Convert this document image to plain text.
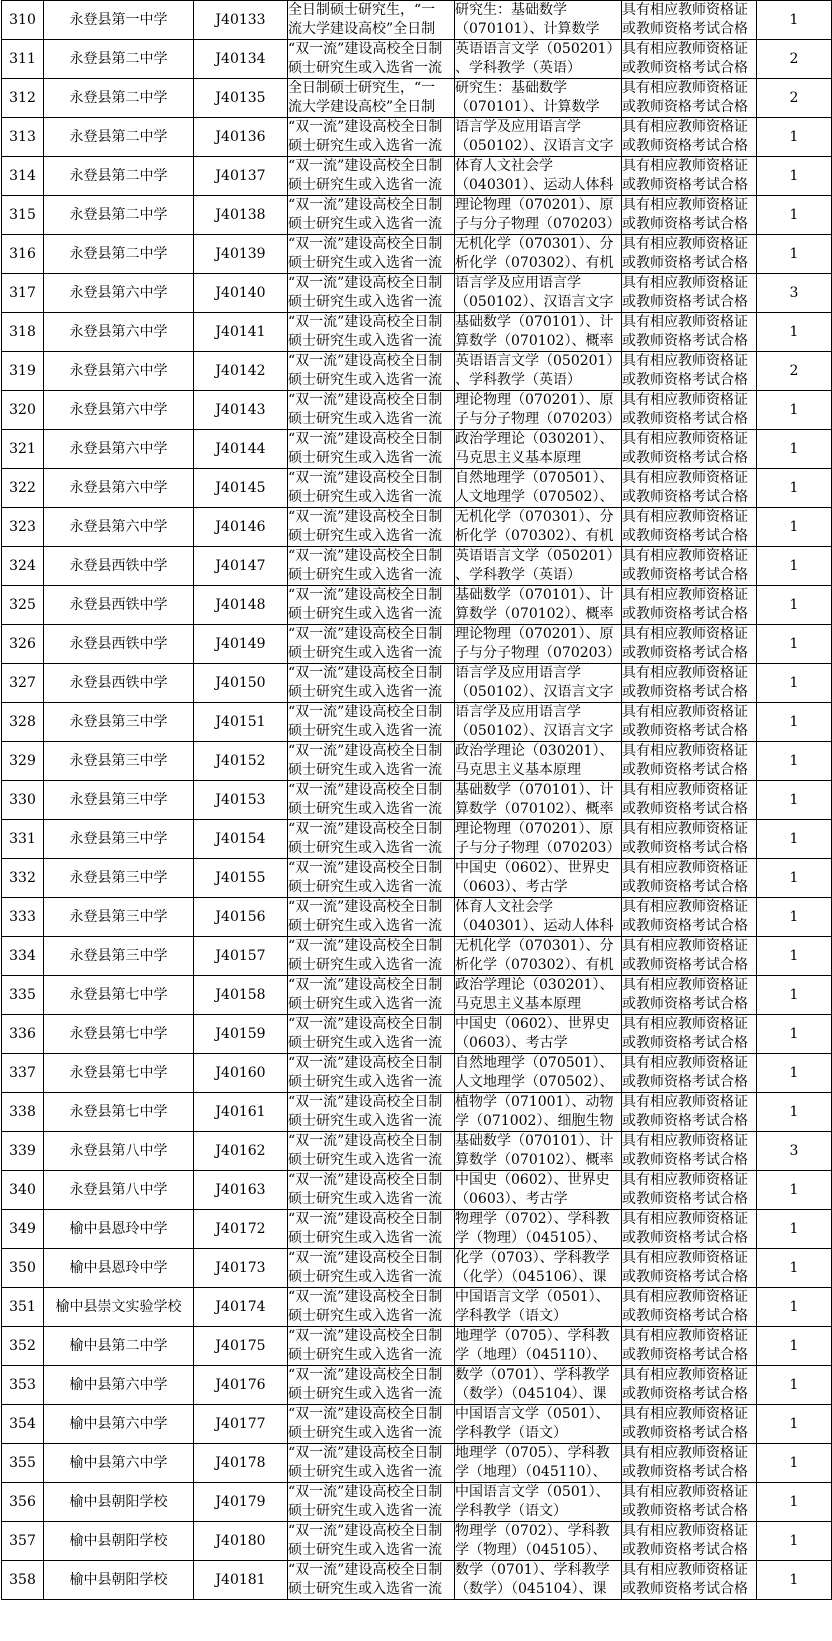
310	永登县第一中学	J40133	全日制硕士研究生，“一
流大学建设高校”全日制	研究生：基础数学
（070101）、计算数学	具有相应教师资格证
或教师资格考试合格	1
311	永登县第二中学	J40134	“双一流”建设高校全日制
硕士研究生或入选省一流	英语语言文学（050201）
、学科教学（英语）	具有相应教师资格证
或教师资格考试合格	2
312	永登县第二中学	J40135	全日制硕士研究生，“一
流大学建设高校”全日制	研究生：基础数学
（070101）、计算数学	具有相应教师资格证
或教师资格考试合格	2
313	永登县第二中学	J40136	“双一流”建设高校全日制
硕士研究生或入选省一流	语言学及应用语言学
（050102）、汉语言文字	具有相应教师资格证
或教师资格考试合格	1
314	永登县第二中学	J40137	“双一流”建设高校全日制
硕士研究生或入选省一流	体育人文社会学
（040301）、运动人体科	具有相应教师资格证
或教师资格考试合格	1
315	永登县第二中学	J40138	“双一流”建设高校全日制
硕士研究生或入选省一流	理论物理（070201）、原
子与分子物理（070203）	具有相应教师资格证
或教师资格考试合格	1
316	永登县第二中学	J40139	“双一流”建设高校全日制
硕士研究生或入选省一流	无机化学（070301）、分
析化学（070302）、有机	具有相应教师资格证
或教师资格考试合格	1
317	永登县第六中学	J40140	“双一流”建设高校全日制
硕士研究生或入选省一流	语言学及应用语言学
（050102）、汉语言文字	具有相应教师资格证
或教师资格考试合格	3
318	永登县第六中学	J40141	“双一流”建设高校全日制
硕士研究生或入选省一流	基础数学（070101）、计
算数学（070102）、概率	具有相应教师资格证
或教师资格考试合格	1
319	永登县第六中学	J40142	“双一流”建设高校全日制
硕士研究生或入选省一流	英语语言文学（050201）
、学科教学（英语）	具有相应教师资格证
或教师资格考试合格	2
320	永登县第六中学	J40143	“双一流”建设高校全日制
硕士研究生或入选省一流	理论物理（070201）、原
子与分子物理（070203）	具有相应教师资格证
或教师资格考试合格	1
321	永登县第六中学	J40144	“双一流”建设高校全日制
硕士研究生或入选省一流	政治学理论（030201）、
马克思主义基本原理	具有相应教师资格证
或教师资格考试合格	1
322	永登县第六中学	J40145	“双一流”建设高校全日制
硕士研究生或入选省一流	自然地理学（070501）、
人文地理学（070502）、	具有相应教师资格证
或教师资格考试合格	1
323	永登县第六中学	J40146	“双一流”建设高校全日制
硕士研究生或入选省一流	无机化学（070301）、分
析化学（070302）、有机	具有相应教师资格证
或教师资格考试合格	1
324	永登县西铁中学	J40147	“双一流”建设高校全日制
硕士研究生或入选省一流	英语语言文学（050201）
、学科教学（英语）	具有相应教师资格证
或教师资格考试合格	1
325	永登县西铁中学	J40148	“双一流”建设高校全日制
硕士研究生或入选省一流	基础数学（070101）、计
算数学（070102）、概率	具有相应教师资格证
或教师资格考试合格	1
326	永登县西铁中学	J40149	“双一流”建设高校全日制
硕士研究生或入选省一流	理论物理（070201）、原
子与分子物理（070203）	具有相应教师资格证
或教师资格考试合格	1
327	永登县西铁中学	J40150	“双一流”建设高校全日制
硕士研究生或入选省一流	语言学及应用语言学
（050102）、汉语言文字	具有相应教师资格证
或教师资格考试合格	1
328	永登县第三中学	J40151	“双一流”建设高校全日制
硕士研究生或入选省一流	语言学及应用语言学
（050102）、汉语言文字	具有相应教师资格证
或教师资格考试合格	1
329	永登县第三中学	J40152	“双一流”建设高校全日制
硕士研究生或入选省一流	政治学理论（030201）、
马克思主义基本原理	具有相应教师资格证
或教师资格考试合格	1
330	永登县第三中学	J40153	“双一流”建设高校全日制
硕士研究生或入选省一流	基础数学（070101）、计
算数学（070102）、概率	具有相应教师资格证
或教师资格考试合格	1
331	永登县第三中学	J40154	“双一流”建设高校全日制
硕士研究生或入选省一流	理论物理（070201）、原
子与分子物理（070203）	具有相应教师资格证
或教师资格考试合格	1
332	永登县第三中学	J40155	“双一流”建设高校全日制
硕士研究生或入选省一流	中国史（0602）、世界史
（0603）、考古学	具有相应教师资格证
或教师资格考试合格	1
333	永登县第三中学	J40156	“双一流”建设高校全日制
硕士研究生或入选省一流	体育人文社会学
（040301）、运动人体科	具有相应教师资格证
或教师资格考试合格	1
334	永登县第三中学	J40157	“双一流”建设高校全日制
硕士研究生或入选省一流	无机化学（070301）、分
析化学（070302）、有机	具有相应教师资格证
或教师资格考试合格	1
335	永登县第七中学	J40158	“双一流”建设高校全日制
硕士研究生或入选省一流	政治学理论（030201）、
马克思主义基本原理	具有相应教师资格证
或教师资格考试合格	1
336	永登县第七中学	J40159	“双一流”建设高校全日制
硕士研究生或入选省一流	中国史（0602）、世界史
（0603）、考古学	具有相应教师资格证
或教师资格考试合格	1
337	永登县第七中学	J40160	“双一流”建设高校全日制
硕士研究生或入选省一流	自然地理学（070501）、
人文地理学（070502）、	具有相应教师资格证
或教师资格考试合格	1
338	永登县第七中学	J40161	“双一流”建设高校全日制
硕士研究生或入选省一流	植物学（071001）、动物
学（071002）、细胞生物	具有相应教师资格证
或教师资格考试合格	1
339	永登县第八中学	J40162	“双一流”建设高校全日制
硕士研究生或入选省一流	基础数学（070101）、计
算数学（070102）、概率	具有相应教师资格证
或教师资格考试合格	3
340	永登县第八中学	J40163	“双一流”建设高校全日制
硕士研究生或入选省一流	中国史（0602）、世界史
（0603）、考古学	具有相应教师资格证
或教师资格考试合格	1
349	榆中县恩玲中学	J40172	“双一流”建设高校全日制
硕士研究生或入选省一流	物理学（0702）、学科教
学（物理）（045105）、	具有相应教师资格证
或教师资格考试合格	1
350	榆中县恩玲中学	J40173	“双一流”建设高校全日制
硕士研究生或入选省一流	化学（0703）、学科教学
（化学）（045106）、课	具有相应教师资格证
或教师资格考试合格	1
351	榆中县崇文实验学校	J40174	“双一流”建设高校全日制
硕士研究生或入选省一流	中国语言文学（0501）、
学科教学（语文）	具有相应教师资格证
或教师资格考试合格	1
352	榆中县第二中学	J40175	“双一流”建设高校全日制
硕士研究生或入选省一流	地理学（0705）、学科教
学（地理）（045110）、	具有相应教师资格证
或教师资格考试合格	1
353	榆中县第六中学	J40176	“双一流”建设高校全日制
硕士研究生或入选省一流	数学（0701）、学科教学
（数学）（045104）、课	具有相应教师资格证
或教师资格考试合格	1
354	榆中县第六中学	J40177	“双一流”建设高校全日制
硕士研究生或入选省一流	中国语言文学（0501）、
学科教学（语文）	具有相应教师资格证
或教师资格考试合格	1
355	榆中县第六中学	J40178	“双一流”建设高校全日制
硕士研究生或入选省一流	地理学（0705）、学科教
学（地理）（045110）、	具有相应教师资格证
或教师资格考试合格	1
356	榆中县朝阳学校	J40179	“双一流”建设高校全日制
硕士研究生或入选省一流	中国语言文学（0501）、
学科教学（语文）	具有相应教师资格证
或教师资格考试合格	1
357	榆中县朝阳学校	J40180	“双一流”建设高校全日制
硕士研究生或入选省一流	物理学（0702）、学科教
学（物理）（045105）、	具有相应教师资格证
或教师资格考试合格	1
358	榆中县朝阳学校	J40181	“双一流”建设高校全日制
硕士研究生或入选省一流	数学（0701）、学科教学
（数学）（045104）、课	具有相应教师资格证
或教师资格考试合格	1
